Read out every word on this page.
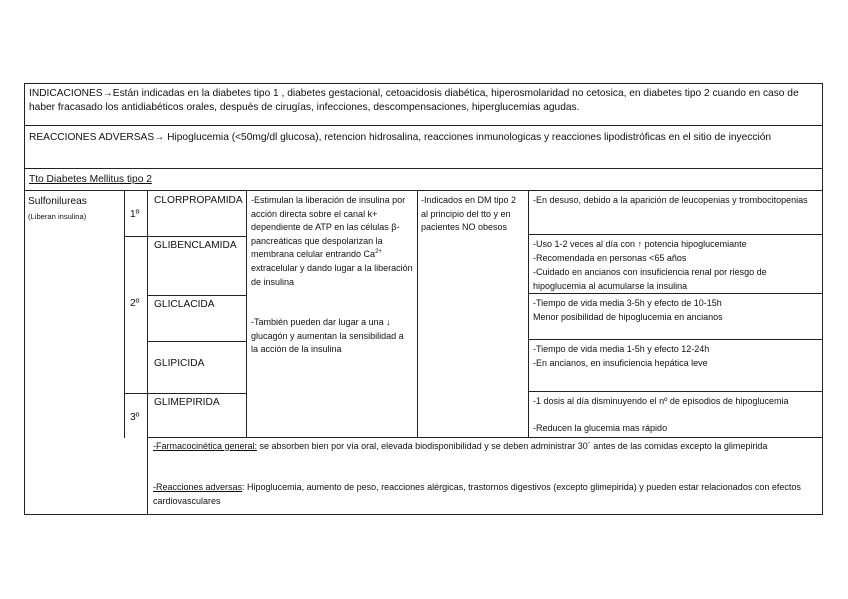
INDICACIONES→Están indicadas en la diabetes tipo 1 , diabetes gestacional, cetoacidosis diabética, hiperosmolaridad no cetosica, en diabetes tipo 2 cuando en caso de haber fracasado los antidiabéticos orales, después de cirugías, infecciones, descompensaciones, hiperglucemias agudas.
REACCIONES ADVERSAS→ Hipoglucemia (<50mg/dl glucosa), retencion hidrosalina, reacciones inmunologicas y reacciones lipodistróficas en el sitio de inyección
Tto Diabetes Mellitus tipo 2
Sulfonilureas
(Liberan insulina)	1º
2º
3º
CLORPROPAMIDA
GLIBENCLAMIDA
GLICLACIDA
GLIPICIDA
GLIMEPIRIDA
-Estimulan la liberación de insulina por acción directa sobre el canal k+ dependiente de ATP en las células β-pancreáticas que despolarizan la membrana celular entrando $Ca^{2+}$ extracelular y dando lugar a la liberación de insulina
-También pueden dar lugar a una ↓ glucagón y aumentan la sensibilidad a la acción de la insulina
-Indicados en DM tipo 2 al principio del tto y en pacientes NO obesos
-En desuso, debido a la aparición de leucopenias y trombocitopenias
-Uso 1-2 veces al día con ↑ potencia hipoglucemiante
-Recomendada en personas <65 años
-Cuidado en ancianos con insuficiencia renal por riesgo de hipoglucemia al acumularse la insulina
-Tiempo de vida media 3-5h y efecto de 10-15h
Menor posibilidad de hipoglucemia en ancianos
-Tiempo de vida media 1-5h y efecto 12-24h
-En ancianos, en insuficiencia hepática leve
-1 dosis al día disminuyendo el nº de episodios de hipoglucemia
-Reducen la glucemia mas rápido
-Farmacocinética general: se absorben bien por vía oral, elevada biodisponibilidad y se deben administrar 30´ antes de las comidas excepto la glimepirida
-Reacciones adversas: Hipoglucemia, aumento de peso, reacciones alérgicas, trastornos digestivos (excepto glimepirida) y pueden estar relacionados con efectos cardiovasculares
